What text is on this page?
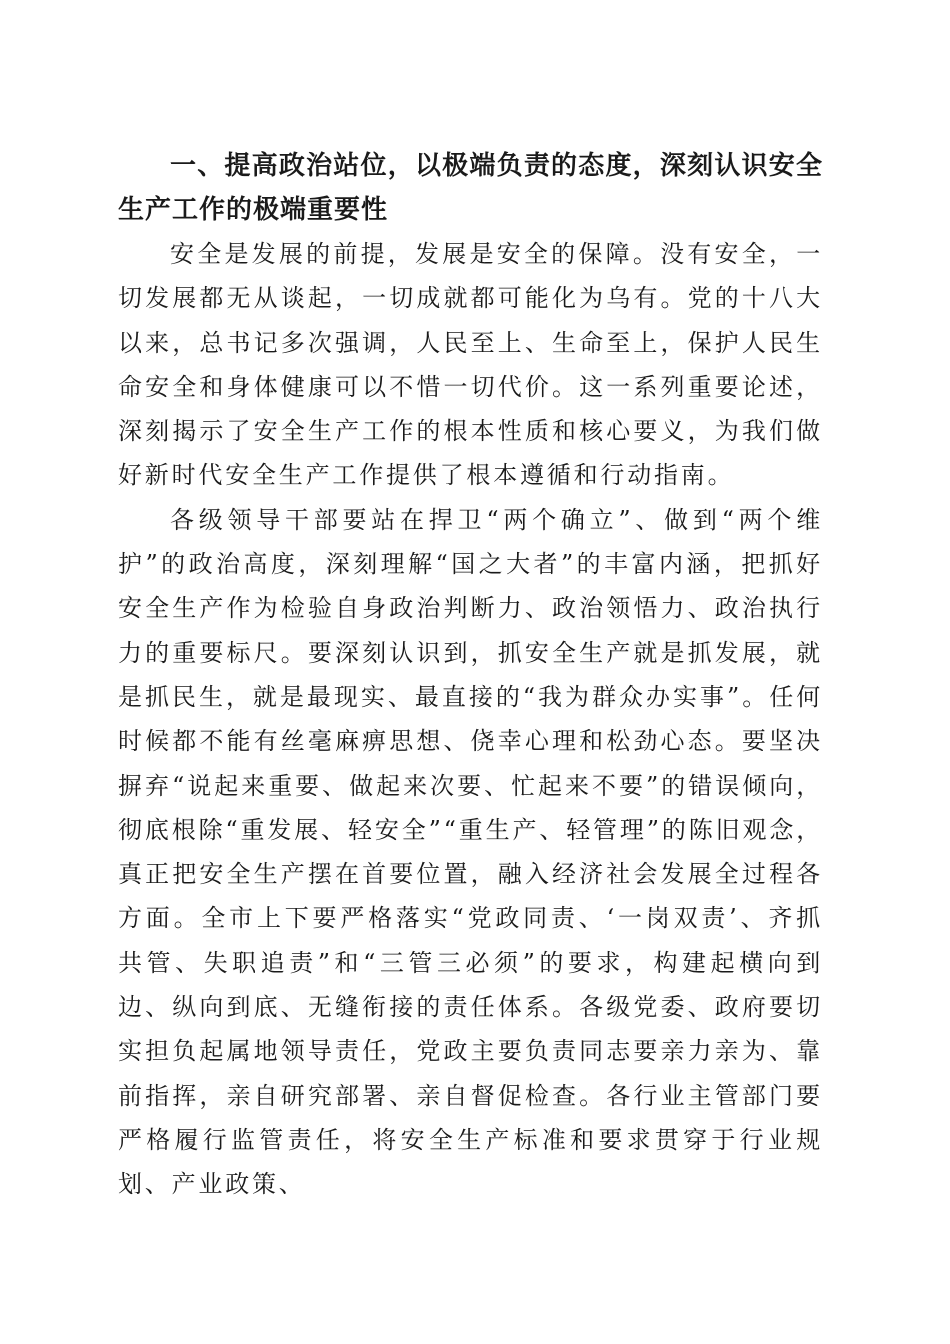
一、提高政治站位，以极端负责的态度，深刻认识安全生产工作的极端重要性

安全是发展的前提，发展是安全的保障。没有安全，一切发展都无从谈起，一切成就都可能化为乌有。党的十八大以来，总书记多次强调，人民至上、生命至上，保护人民生命安全和身体健康可以不惜一切代价。这一系列重要论述，深刻揭示了安全生产工作的根本性质和核心要义，为我们做好新时代安全生产工作提供了根本遵循和行动指南。

各级领导干部要站在捍卫“两个确立”、做到“两个维护”的政治高度，深刻理解“国之大者”的丰富内涵，把抓好安全生产作为检验自身政治判断力、政治领悟力、政治执行力的重要标尺。要深刻认识到，抓安全生产就是抓发展，就是抓民生，就是最现实、最直接的“我为群众办实事”。任何时候都不能有丝毫麻痹思想、侥幸心理和松劲心态。要坚决摒弃“说起来重要、做起来次要、忙起来不要”的错误倾向，彻底根除“重发展、轻安全”“重生产、轻管理”的陈旧观念，真正把安全生产摆在首要位置，融入经济社会发展全过程各方面。全市上下要严格落实“党政同责、‘一岗双责’、齐抓共管、失职追责”和“三管三必须”的要求，构建起横向到边、纵向到底、无缝衔接的责任体系。各级党委、政府要切实担负起属地领导责任，党政主要负责同志要亲力亲为、靠前指挥，亲自研究部署、亲自督促检查。各行业主管部门要严格履行监管责任，将安全生产标准和要求贯穿于行业规划、产业政策、
